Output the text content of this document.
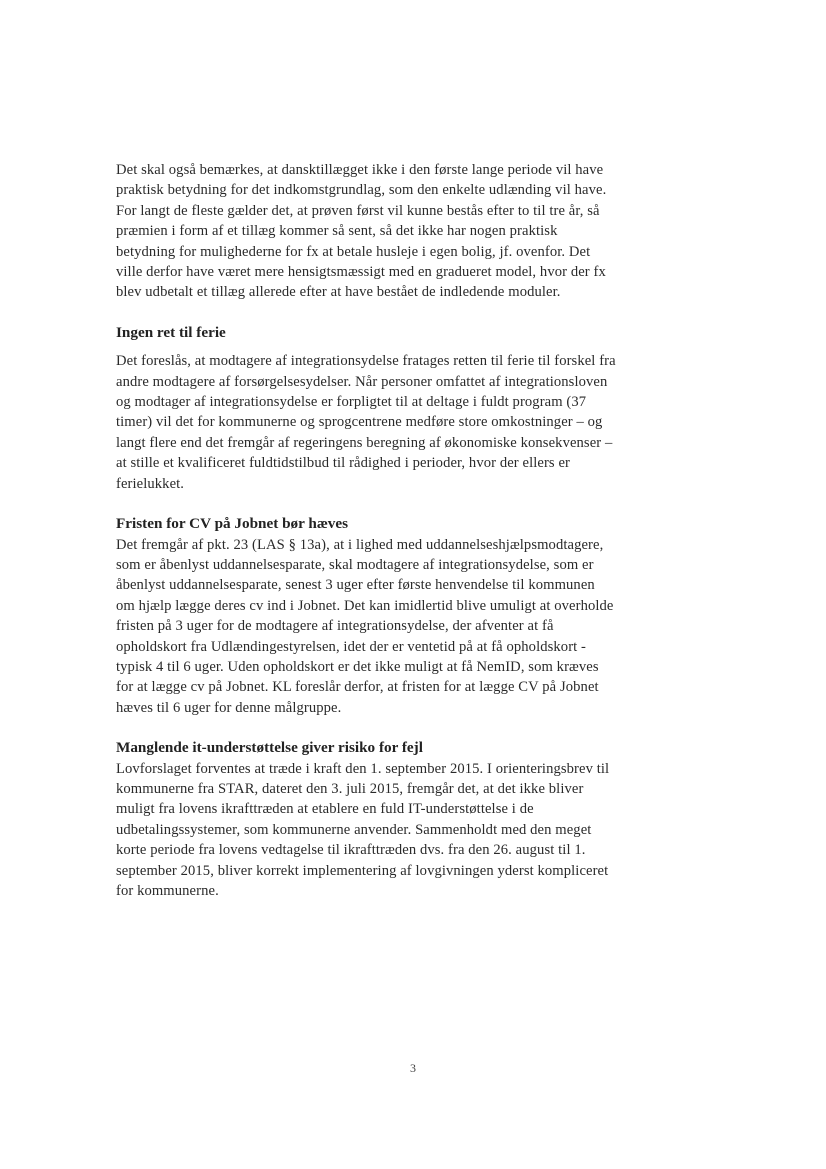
Det skal også bemærkes, at dansktillægget ikke i den første lange periode vil have praktisk betydning for det indkomstgrundlag, som den enkelte udlænding vil have. For langt de fleste gælder det, at prøven først vil kunne bestås efter to til tre år, så præmien i form af et tillæg kommer så sent, så det ikke har nogen praktisk betydning for mulighederne for fx at betale husleje i egen bolig, jf. ovenfor. Det ville derfor have været mere hensigtsmæssigt med en gradueret model, hvor der fx blev udbetalt et tillæg allerede efter at have bestået de indledende moduler.

Ingen ret til ferie

Det foreslås, at modtagere af integrationsydelse fratages retten til ferie til forskel fra andre modtagere af forsørgelsesydelser. Når personer omfattet af integrationsloven og modtager af integrationsydelse er forpligtet til at deltage i fuldt program (37 timer) vil det for kommunerne og sprogcentrene medføre store omkostninger – og langt flere end det fremgår af regeringens beregning af økonomiske konsekvenser – at stille et kvalificeret fuldtidstilbud til rådighed i perioder, hvor der ellers er ferielukket.

Fristen for CV på Jobnet bør hæves

Det fremgår af pkt. 23 (LAS § 13a), at i lighed med uddannelseshjælpsmodtagere, som er åbenlyst uddannelsesparate, skal modtagere af integrationsydelse, som er åbenlyst uddannelsesparate, senest 3 uger efter første henvendelse til kommunen om hjælp lægge deres cv ind i Jobnet. Det kan imidlertid blive umuligt at overholde fristen på 3 uger for de modtagere af integrationsydelse, der afventer at få opholdskort fra Udlændingestyrelsen, idet der er ventetid på at få opholdskort - typisk 4 til 6 uger. Uden opholdskort er det ikke muligt at få NemID, som kræves for at lægge cv på Jobnet. KL foreslår derfor, at fristen for at lægge CV på Jobnet hæves til 6 uger for denne målgruppe.

Manglende it-understøttelse giver risiko for fejl

Lovforslaget forventes at træde i kraft den 1. september 2015. I orienteringsbrev til kommunerne fra STAR, dateret den 3. juli 2015, fremgår det, at det ikke bliver muligt fra lovens ikrafttræden at etablere en fuld IT-understøttelse i de udbetalingssystemer, som kommunerne anvender. Sammenholdt med den meget korte periode fra lovens vedtagelse til ikrafttræden dvs. fra den 26. august til 1. september 2015, bliver korrekt implementering af lovgivningen yderst kompliceret for kommunerne.

3
